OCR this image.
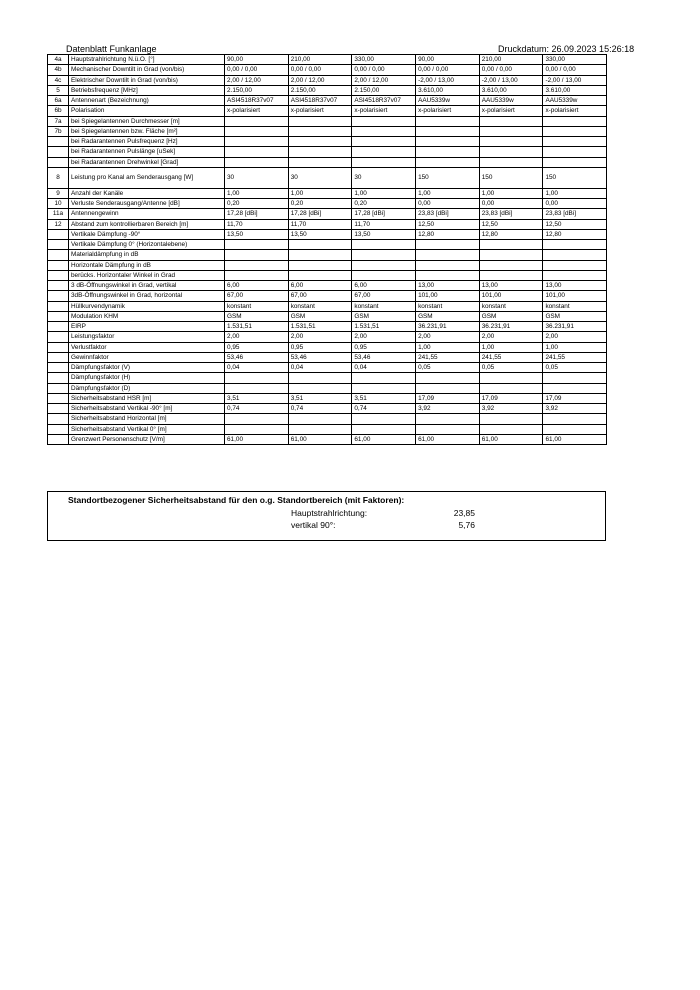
Datenblatt Funkanlage	Druckdatum: 26.09.2023 15:26:18
4a	Hauptstrahlrichtung N.ü.O. [°]	90,00	210,00	330,00	90,00	210,00	330,00
4b	Mechanischer Downtilt in Grad (von/bis)	0,00 / 0,00	0,00 / 0,00	0,00 / 0,00	0,00 / 0,00	0,00 / 0,00	0,00 / 0,00
4c	Elektrischer Downtilt in Grad (von/bis)	2,00 / 12,00	2,00 / 12,00	2,00 / 12,00	-2,00 / 13,00	-2,00 / 13,00	-2,00 / 13,00
5	Betriebsfrequenz [MHz]	2.150,00	2.150,00	2.150,00	3.610,00	3.610,00	3.610,00
6a	Antennenart (Bezeichnung)	ASI4518R37v07	ASI4518R37v07	ASI4518R37v07	AAU5339w	AAU5339w	AAU5339w
6b	Polarisation	x-polarisiert	x-polarisiert	x-polarisiert	x-polarisiert	x-polarisiert	x-polarisiert
7a	bei Spiegelantennen Durchmesser [m]						
7b	bei Spiegelantennen bzw. Fläche [m²]						
	bei Radarantennen Pulsfrequenz [Hz]						
	bei Radarantennen Pulslänge [uSek]						
	bei Radarantennen Drehwinkel [Grad]						
8	Leistung pro Kanal am Senderausgang [W]	30	30	30	150	150	150
9	Anzahl der Kanäle	1,00	1,00	1,00	1,00	1,00	1,00
10	Verluste Senderausgang/Antenne [dB]	0,20	0,20	0,20	0,00	0,00	0,00
11a	Antennengewinn	17,28 [dBi]	17,28 [dBi]	17,28 [dBi]	23,83 [dBi]	23,83 [dBi]	23,83 [dBi]
12	Abstand zum kontrollierbaren Bereich [m]	11,70	11,70	11,70	12,50	12,50	12,50
	Vertikale Dämpfung -90°	13,50	13,50	13,50	12,80	12,80	12,80
	Vertikale Dämpfung 0° (Horizontalebene)						
	Materialdämpfung in dB						
	Horizontale Dämpfung in dB						
	berücks. Horizontaler Winkel in Grad						
	3 dB-Öffnungswinkel in Grad, vertikal	6,00	6,00	6,00	13,00	13,00	13,00
	3dB-Öffnungswinkel in Grad, horizontal	67,00	67,00	67,00	101,00	101,00	101,00
	Hüllkurvendynamik	konstant	konstant	konstant	konstant	konstant	konstant
	Modulation KHM	GSM	GSM	GSM	GSM	GSM	GSM
	EIRP	1.531,51	1.531,51	1.531,51	36.231,91	36.231,91	36.231,91
	Leistungsfaktor	2,00	2,00	2,00	2,00	2,00	2,00
	Verlustfaktor	0,95	0,95	0,95	1,00	1,00	1,00
	Gewinnfaktor	53,46	53,46	53,46	241,55	241,55	241,55
	Dämpfungsfaktor (V)	0,04	0,04	0,04	0,05	0,05	0,05
	Dämpfungsfaktor (H)						
	Dämpfungsfaktor (D)						
	Sicherheitsabstand HSR [m]	3,51	3,51	3,51	17,09	17,09	17,09
	Sicherheitsabstand Vertikal -90° [m]	0,74	0,74	0,74	3,92	3,92	3,92
	Sicherheitsabstand Horizontal [m]						
	Sicherheitsabstand Vertikal 0° [m]						
	Grenzwert Personenschutz [V/m]	61,00	61,00	61,00	61,00	61,00	61,00
Standortbezogener Sicherheitsabstand für den o.g. Standortbereich (mit Faktoren):
Hauptstrahlrichtung:	23,85
vertikal 90°:	5,76
